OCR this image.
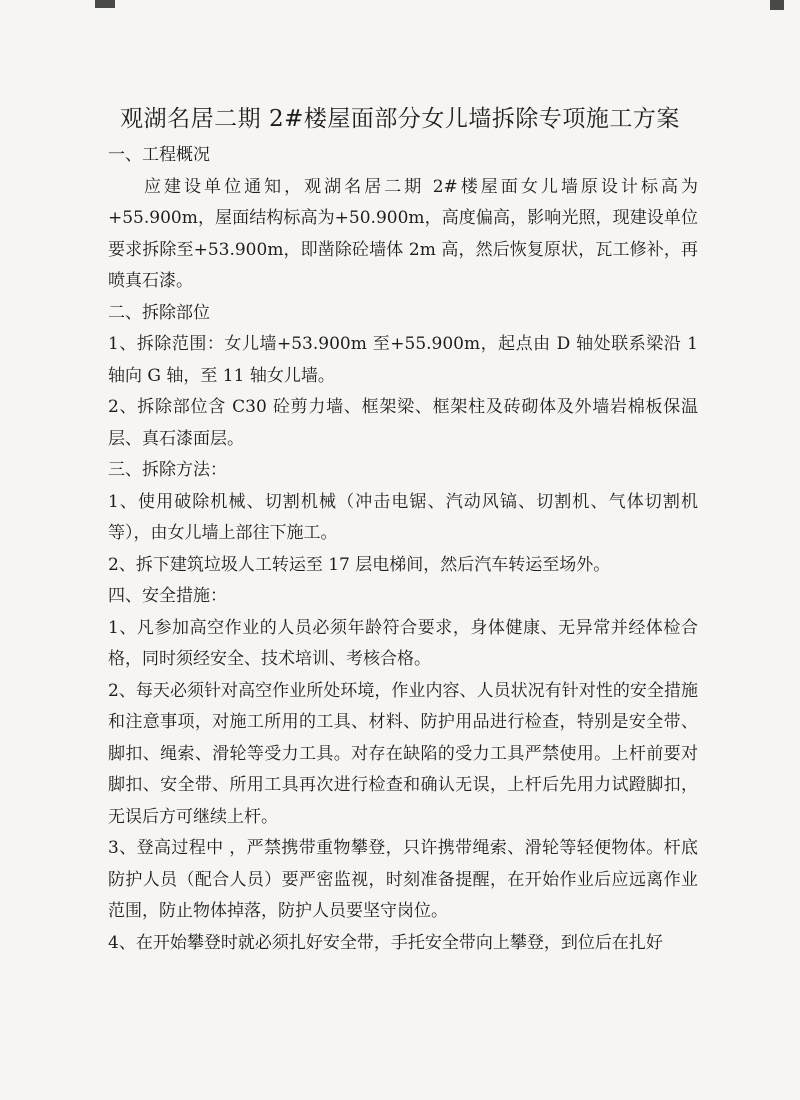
观湖名居二期 2#楼屋面部分女儿墙拆除专项施工方案

一、工程概况

应建设单位通知，观湖名居二期 2#楼屋面女儿墙原设计标高为+55.900m，屋面结构标高为+50.900m，高度偏高，影响光照，现建设单位要求拆除至+53.900m，即凿除砼墙体 2m 高，然后恢复原状，瓦工修补，再喷真石漆。

二、拆除部位

1、拆除范围：女儿墙+53.900m 至+55.900m，起点由 D 轴处联系梁沿 1 轴向 G 轴，至 11 轴女儿墙。

2、拆除部位含 C30 砼剪力墙、框架梁、框架柱及砖砌体及外墙岩棉板保温层、真石漆面层。

三、拆除方法：

1、使用破除机械、切割机械（冲击电锯、汽动风镐、切割机、气体切割机等），由女儿墙上部往下施工。

2、拆下建筑垃圾人工转运至 17 层电梯间，然后汽车转运至场外。

四、安全措施：

1、凡参加高空作业的人员必须年龄符合要求，身体健康、无异常并经体检合格，同时须经安全、技术培训、考核合格。

2、每天必须针对高空作业所处环境，作业内容、人员状况有针对性的安全措施和注意事项，对施工所用的工具、材料、防护用品进行检查，特别是安全带、脚扣、绳索、滑轮等受力工具。对存在缺陷的受力工具严禁使用。上杆前要对脚扣、安全带、所用工具再次进行检查和确认无误，上杆后先用力试蹬脚扣，无误后方可继续上杆。

3、登高过程中 ，严禁携带重物攀登，只许携带绳索、滑轮等轻便物体。杆底防护人员（配合人员）要严密监视，时刻准备提醒，在开始作业后应远离作业范围，防止物体掉落，防护人员要坚守岗位。

4、在开始攀登时就必须扎好安全带，手托安全带向上攀登，到位后在扎好
